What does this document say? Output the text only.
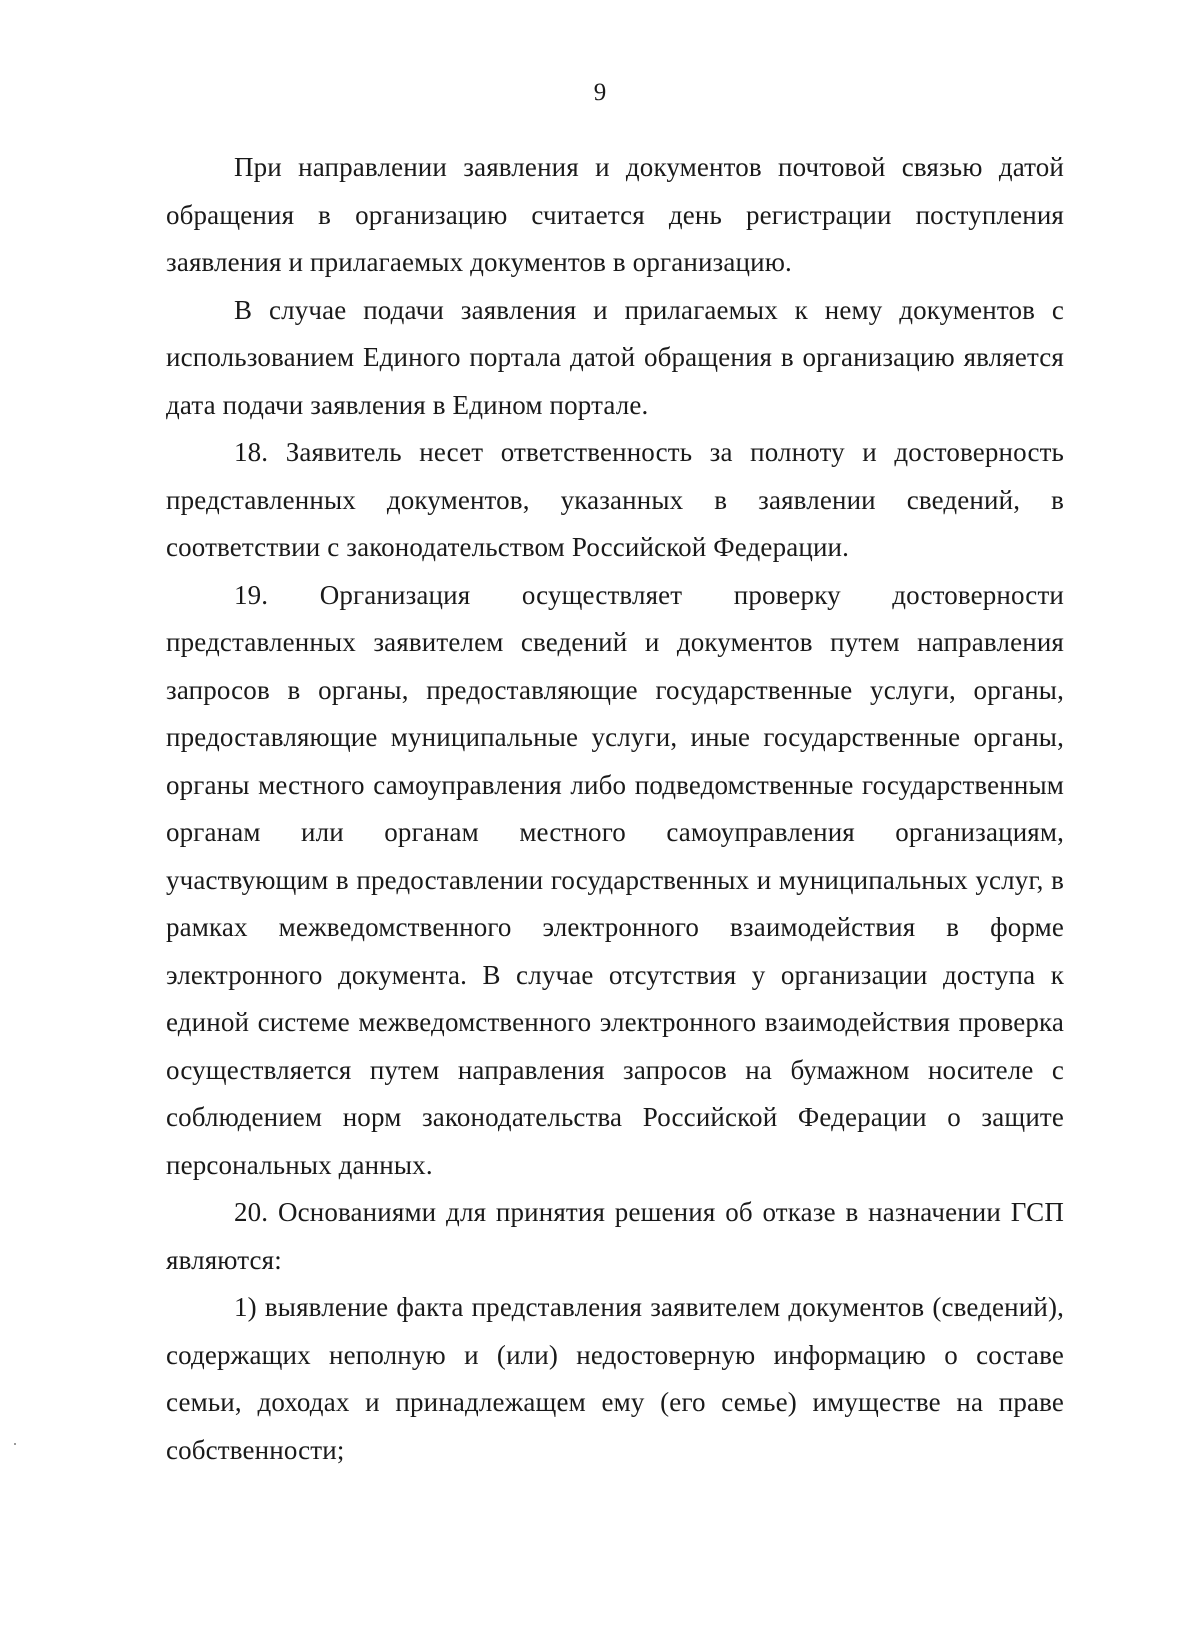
9

При направлении заявления и документов почтовой связью датой обращения в организацию считается день регистрации поступления заявления и прилагаемых документов в организацию.

В случае подачи заявления и прилагаемых к нему документов с использованием Единого портала датой обращения в организацию является дата подачи заявления в Едином портале.

18. Заявитель несет ответственность за полноту и достоверность представленных документов, указанных в заявлении сведений, в соответствии с законодательством Российской Федерации.

19. Организация осуществляет проверку достоверности представленных заявителем сведений и документов путем направления запросов в органы, предоставляющие государственные услуги, органы, предоставляющие муниципальные услуги, иные государственные органы, органы местного самоуправления либо подведомственные государственным органам или органам местного самоуправления организациям, участвующим в предоставлении государственных и муниципальных услуг, в рамках межведомственного электронного взаимодействия в форме электронного документа. В случае отсутствия у организации доступа к единой системе межведомственного электронного взаимодействия проверка осуществляется путем направления запросов на бумажном носителе с соблюдением норм законодательства Российской Федерации о защите персональных данных.

20. Основаниями для принятия решения об отказе в назначении ГСП являются:

1) выявление факта представления заявителем документов (сведений), содержащих неполную и (или) недостоверную информацию о составе семьи, доходах и принадлежащем ему (его семье) имуществе на праве собственности;
